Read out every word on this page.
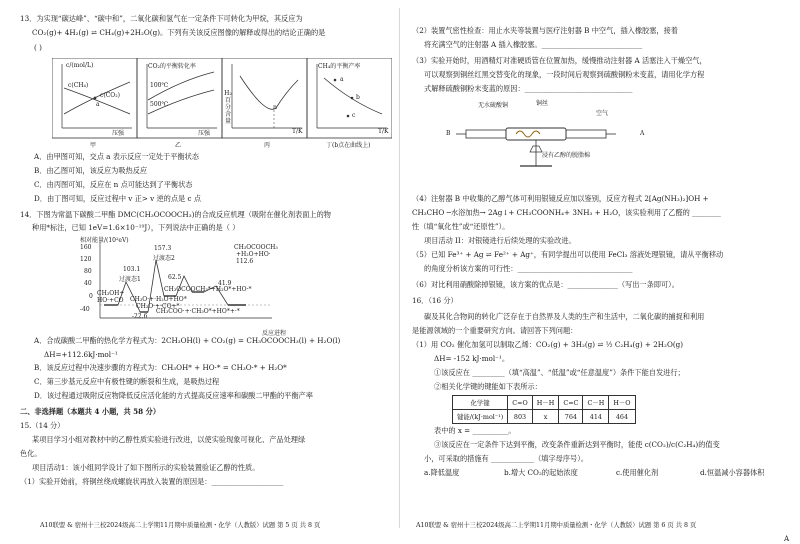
13．为实现“碳达峰”、“碳中和”，二氧化碳和氢气在一定条件下可转化为甲烷，其反应为
CO₂(g)+ 4H₂(g) ⇌ CH₄(g)+2H₂O(g)。下列有关该反应图像的解释或得出的结论正确的是
( )
c/(mol/L)
c(CH₄)
c(CO₂)
a
压强
甲
CO₂的平衡转化率
100℃
500℃
压强
乙
H₂百分含量
n
T/K
丙
CH₄的平衡产率
a
b
c
T/K
丁(b点在曲线上)
A．由甲图可知，交点 a 表示反应一定处于平衡状态
B．由乙图可知，该反应为吸热反应
C．由丙图可知，反应在 n 点可能达到了平衡状态
D．由丁图可知，反应过程中 v 正> v 逆的点是 c 点
14．下图为常温下碳酸二甲酯 DMC(CH₃OCOOCH₃)的合成反应机理（吸附在催化剂表面上的物
种用*标注，已知 1eV=1.6×10⁻¹⁹J），下列说法中正确的是（ ）
相对能量/(10²eV)
160
120
80
40
0
-40
103.1
157.3
过渡态1
过渡态2
62.5
112.6
41.9
CH₃OCOOCH₃
+H₂O+HO·
CH₃OH+
HO·+CO
CH₃O·+·CO+*
-22.6
CH₃O·+·H₂O+HO*
CH₃OCOOCH₃*+H₂O*+HO·*
CH₃COO·+·CH₃O*+HO*+·*
反应进程
A．合成碳酸二甲酯的热化学方程式为：2CH₃OH(l) + CO₂(g) = CH₃OCOOCH₃(l) + H₂O(l)
ΔH=+112.6kJ·mol⁻¹
B．该反应过程中决速步骤的方程式为：CH₃OH* + HO·* = CH₃O·* + H₂O*
C．第三步基元反应中有极性键的断裂和生成，是吸热过程
D．该过程通过吸附反应物降低反应活化能的方式提高反应速率和碳酸二甲酯的平衡产率
二、非选择题（本题共 4 小题，共 58 分）
15.（14 分）
某项目学习小组对教材中的乙醇性质实验进行改进，以使实验现象可视化、产品处理绿
色化。
项目活动1：该小组同学设计了如下图所示的实验装置验证乙醇的性质。
（1）实验开始前，将铜丝绕成螺旋状再放入装置的原因是：____________________
A10联盟 & 宿州十三校2024级高二上学期11月期中质量检测・化学（人教版）试题 第 5 页 共 8 页
（2）装置气密性检查：用止水夹等装置与医疗注射器 B 中空气，插入橡胶塞，接着
将充满空气的注射器 A 插入橡胶塞。____________________________
（3）实验开始时，用酒精灯对准硬质管在位置加热，缓慢推动注射器 A 活塞注入干燥空气，
可以观察到铜丝红黑交替变化的现象，一段时间后观察到硫酸铜粉末变蓝，请用化学方程
式解释硫酸铜粉末变蓝的原因：______________________________
无水硫酸铜	铜丝
空气
浸有乙醇的脱脂棉
B	A
（4）注射器 B 中收集的乙醇气体可利用银镜反应加以鉴别，反应方程式 2[Ag(NH₃)₂]OH +
CH₃CHO ─水浴加热→ 2Ag↓+ CH₃COONH₄+ 3NH₃ + H₂O，该实验利用了乙醛的 ________
性（填“氧化性”或“还原性”）。
项目活动 II：对银镜进行后续处理的实验改进。
（5）已知 Fe³⁺ + Ag ⇌ Fe²⁺ + Ag⁺，有同学提出可以使用 FeCl₃ 溶液处理银镜，请从平衡移动
的角度分析该方案的可行性：________________________________
（6）对比利用硝酸除掉银镜，该方案的优点是：______________（写出一条即可）。
16．（16 分）
碳及其化合物间的转化广泛存在于自然界及人类的生产和生活中，二氧化碳的捕捉和利用
是能源领域的一个重要研究方向。请回答下列问题：
（1）用 CO₂ 催化加氢可以制取乙烯：CO₂(g) + 3H₂(g) ⇌ ½ C₂H₄(g) + 2H₂O(g)
ΔH= -152 kJ·mol⁻¹。
①该反应在 _________（填“高温”、“低温”或“任意温度”）条件下能自发进行；
②相关化学键的键能如下表所示：
化学键	C=O	H－H	C=C	C－H	H－O
键能/(kJ·mol⁻¹)	803	x	764	414	464
表中的 x = __________。
③该反应在一定条件下达到平衡，改变条件重新达到平衡时，能使 c(CO₂)/c(C₂H₄)的值变
小，可采取的措施有 ____________（填字母序号）。
a.降低温度	b.增大 CO₂的起始浓度	c.使用催化剂	d.恒温减小容器体积
A10联盟 & 宿州十三校2024级高二上学期11月期中质量检测・化学（人教版）试题 第 6 页 共 8 页
A
